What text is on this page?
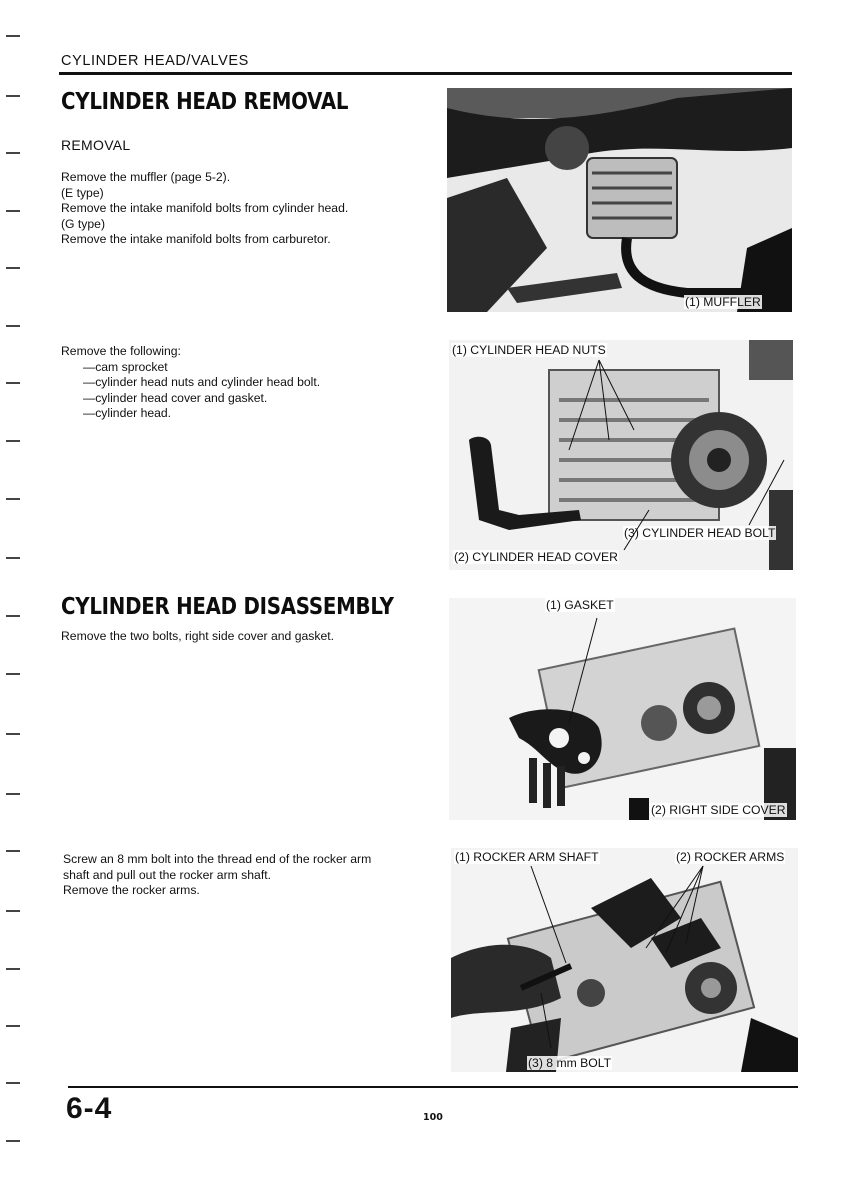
CYLINDER HEAD/VALVES
CYLINDER HEAD REMOVAL
REMOVAL
Remove the muffler (page 5-2).
(E type)
Remove the intake manifold bolts from cylinder head.
(G type)
Remove the intake manifold bolts from carburetor.
Remove the following:
—cam sprocket
—cylinder head nuts and cylinder head bolt.
—cylinder head cover and gasket.
—cylinder head.
(1) MUFFLER
(1) CYLINDER HEAD NUTS
(3) CYLINDER HEAD BOLT
(2) CYLINDER HEAD COVER
CYLINDER HEAD DISASSEMBLY
Remove the two bolts, right side cover and gasket.
(1) GASKET
(2) RIGHT SIDE COVER
Screw an 8 mm bolt into the thread end of the rocker arm
shaft and pull out the rocker arm shaft.
Remove the rocker arms.
(1) ROCKER ARM SHAFT	(2) ROCKER ARMS
(3) 8 mm BOLT
6-4	100
